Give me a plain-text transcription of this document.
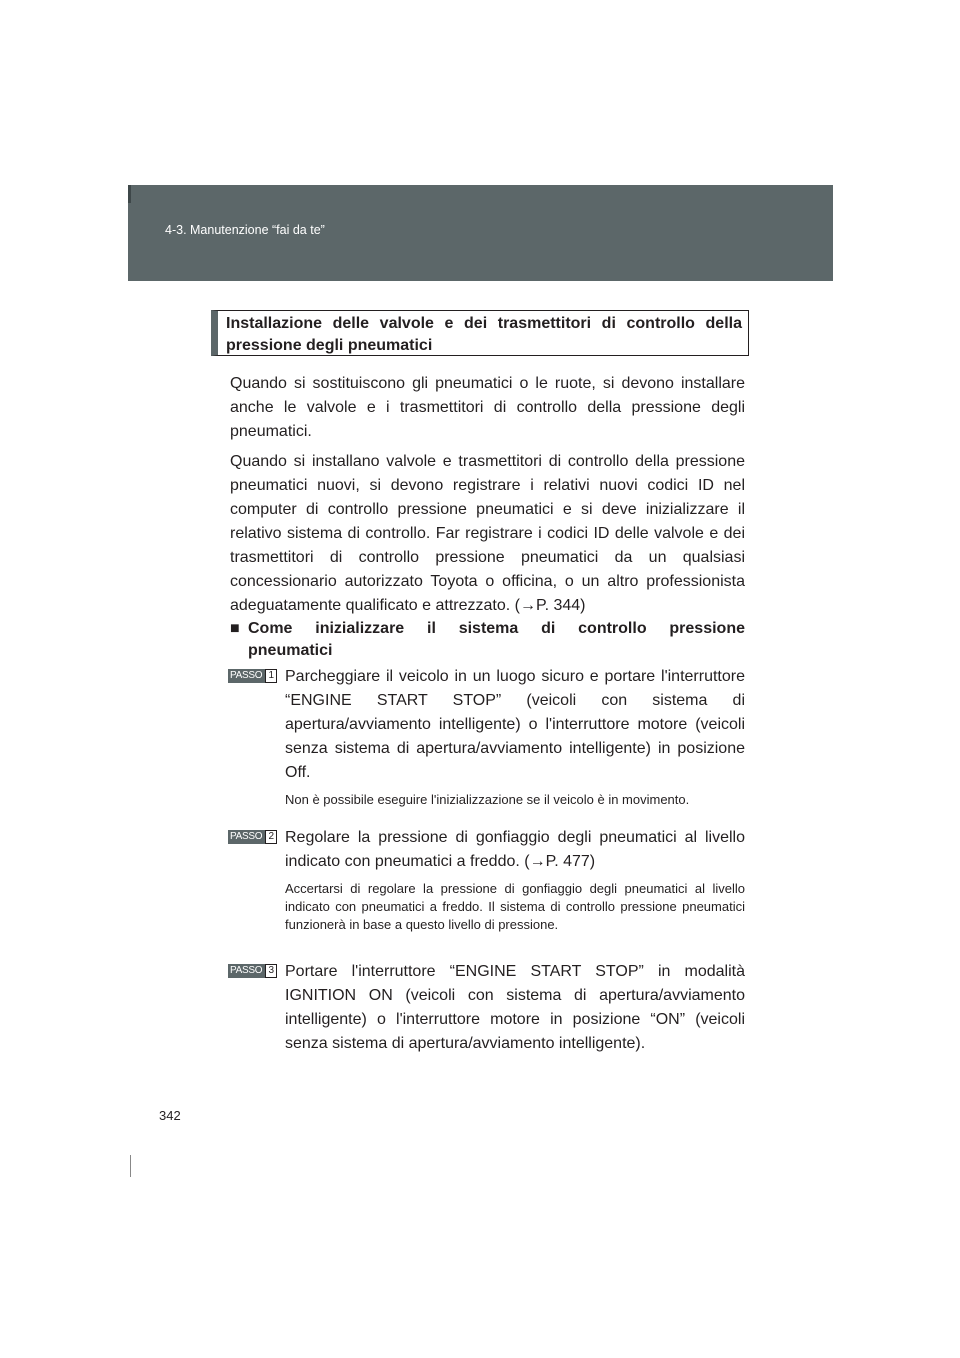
4-3. Manutenzione “fai da te”
Installazione delle valvole e dei trasmettitori di controllo della pressione degli pneumatici
Quando si sostituiscono gli pneumatici o le ruote, si devono installare anche le valvole e i trasmettitori di controllo della pressione degli pneumatici.
Quando si installano valvole e trasmettitori di controllo della pressione pneumatici nuovi, si devono registrare i relativi nuovi codici ID nel computer di controllo pressione pneumatici e si deve inizializzare il relativo sistema di controllo. Far registrare i codici ID delle valvole e dei trasmettitori di controllo pressione pneumatici da un qualsiasi concessionario autorizzato Toyota o officina, o un altro professionista adeguatamente qualificato e attrezzato. (→P. 344)
■ Come inizializzare il sistema di controllo pressione
pneumatici
PASSO 1 Parcheggiare il veicolo in un luogo sicuro e portare l'interruttore “ENGINE START STOP” (veicoli con sistema di apertura/avviamento intelligente) o l'interruttore motore (veicoli senza sistema di apertura/avviamento intelligente) in posizione Off.
Non è possibile eseguire l'inizializzazione se il veicolo è in movimento.
PASSO 2 Regolare la pressione di gonfiaggio degli pneumatici al livello indicato con pneumatici a freddo. (→P. 477)
Accertarsi di regolare la pressione di gonfiaggio degli pneumatici al livello indicato con pneumatici a freddo. Il sistema di controllo pressione pneumatici funzionerà in base a questo livello di pressione.
PASSO 3 Portare l'interruttore “ENGINE START STOP” in modalità IGNITION ON (veicoli con sistema di apertura/avviamento intelligente) o l'interruttore motore in posizione “ON” (veicoli senza sistema di apertura/avviamento intelligente).
342
